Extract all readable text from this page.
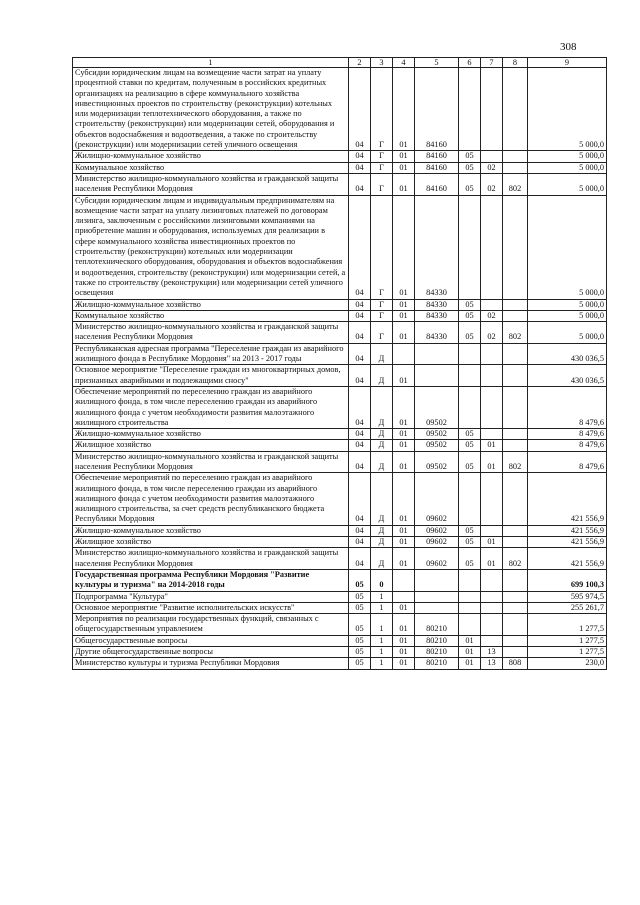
308
1	2	3	4	5	6	7	8	9
Субсидии юридическим лицам на возмещение части затрат на уплату процентной ставки по кредитам, полученным в российских кредитных организациях на реализацию в сфере коммунального хозяйства инвестиционных проектов по строительству (реконструкции) котельных или модернизации теплотехнического оборудования, а также по строительству (реконструкции) или модернизации сетей, оборудования и объектов водоснабжения и водоотведения, а также по строительству (реконструкции) или модернизации сетей уличного освещения	04	Г	01	84160				5 000,0
Жилищно-коммунальное хозяйство	04	Г	01	84160	05			5 000,0
Коммунальное хозяйство	04	Г	01	84160	05	02		5 000,0
Министерство жилищно-коммунального хозяйства и гражданской защиты населения Республики Мордовия	04	Г	01	84160	05	02	802	5 000,0
Субсидии юридическим лицам и индивидуальным предпринимателям на возмещение части затрат на уплату лизинговых платежей по договорам лизинга, заключенным с российскими лизинговыми компаниями на приобретение машин и оборудования, используемых для реализации в сфере коммунального хозяйства инвестиционных проектов по строительству (реконструкции) котельных или модернизации теплотехнического оборудования, оборудования и объектов водоснабжения и водоотведения, строительству (реконструкции) или модернизации сетей, а также по строительству (реконструкции) или модернизации сетей уличного освещения	04	Г	01	84330				5 000,0
Жилищно-коммунальное хозяйство	04	Г	01	84330	05			5 000,0
Коммунальное хозяйство	04	Г	01	84330	05	02		5 000,0
Министерство жилищно-коммунального хозяйства и гражданской защиты населения Республики Мордовия	04	Г	01	84330	05	02	802	5 000,0
Республиканская адресная программа "Переселение граждан из аварийного жилищного фонда в Республике Мордовия" на 2013 - 2017 годы	04	Д						430 036,5
Основное мероприятие "Переселение граждан из многоквартирных домов, признанных аварийными и подлежащими сносу"	04	Д	01					430 036,5
Обеспечение мероприятий по переселению граждан из аварийного жилищного фонда, в том числе переселению граждан из аварийного жилищного фонда с учетом необходимости развития малоэтажного жилищного строительства	04	Д	01	09502				8 479,6
Жилищно-коммунальное хозяйство	04	Д	01	09502	05			8 479,6
Жилищное хозяйство	04	Д	01	09502	05	01		8 479,6
Министерство жилищно-коммунального хозяйства и гражданской защиты населения Республики Мордовия	04	Д	01	09502	05	01	802	8 479,6
Обеспечение мероприятий по переселению граждан из аварийного жилищного фонда, в том числе переселению граждан из аварийного жилищного фонда с учетом необходимости развития малоэтажного жилищного строительства, за счет средств республиканского бюджета Республики Мордовия	04	Д	01	09602				421 556,9
Жилищно-коммунальное хозяйство	04	Д	01	09602	05			421 556,9
Жилищное хозяйство	04	Д	01	09602	05	01		421 556,9
Министерство жилищно-коммунального хозяйства и гражданской защиты населения Республики Мордовия	04	Д	01	09602	05	01	802	421 556,9
Государственная программа Республики Мордовия "Развитие культуры и туризма" на 2014-2018 годы	05	0						699 100,3
Подпрограмма "Культура"	05	1						595 974,5
Основное мероприятие "Развитие исполнительских искусств"	05	1	01					255 261,7
Мероприятия по реализации государственных функций, связанных с общегосударственным управлением	05	1	01	80210				1 277,5
Общегосударственные вопросы	05	1	01	80210	01			1 277,5
Другие общегосударственные вопросы	05	1	01	80210	01	13		1 277,5
Министерство культуры и туризма Республики Мордовия	05	1	01	80210	01	13	808	230,0
